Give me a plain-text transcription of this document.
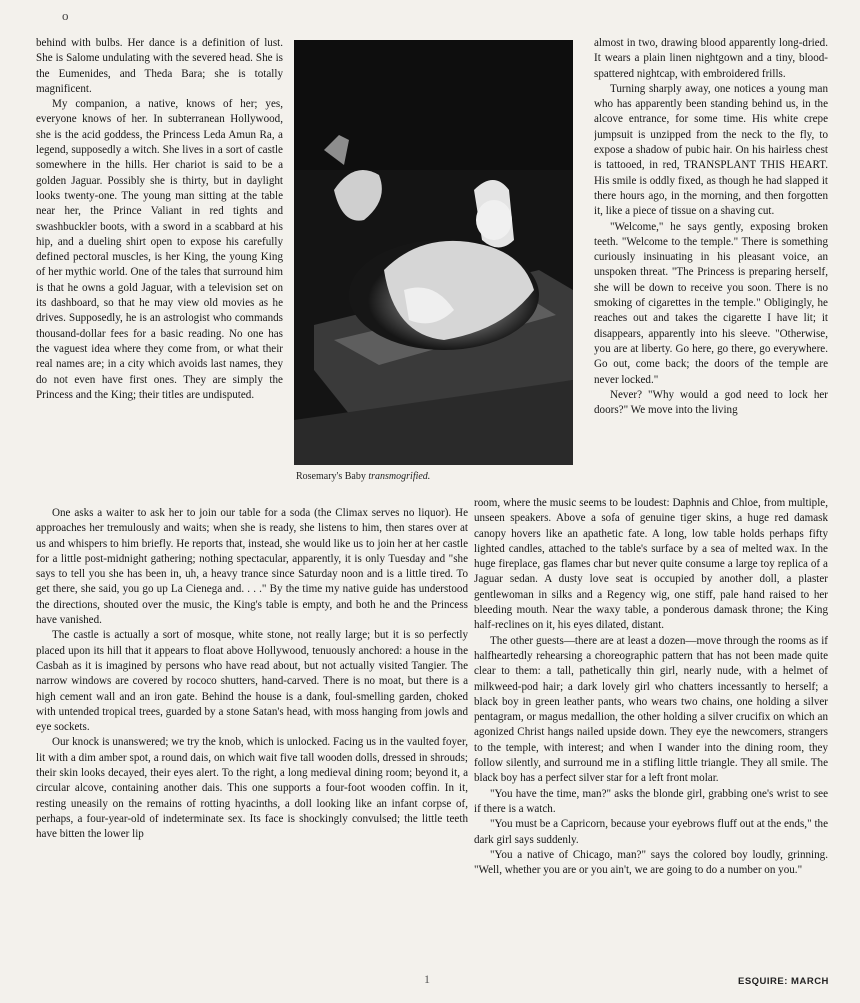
o

behind with bulbs. Her dance is a definition of lust. She is Salome undulating with the severed head. She is the Eumenides, and Theda Bara; she is totally magnificent.

My companion, a native, knows of her; yes, everyone knows of her. In subterranean Hollywood, she is the acid goddess, the Princess Leda Amun Ra, a legend, supposedly a witch. She lives in a sort of castle somewhere in the hills. Her chariot is said to be a golden Jaguar. Possibly she is thirty, but in daylight looks twenty-one. The young man sitting at the table near her, the Prince Valiant in red tights and swashbuckler boots, with a sword in a scabbard at his hip, and a dueling shirt open to expose his carefully defined pectoral muscles, is her King, the young King of her mythic world. One of the tales that surround him is that he owns a gold Jaguar, with a television set on its dashboard, so that he may view old movies as he drives. Supposedly, he is an astrologist who commands thousand-dollar fees for a basic reading. No one has the vaguest idea where they come from, or what their real names are; in a city which avoids last names, they do not even have first ones. They are simply the Princess and the King; their titles are undisputed.

Rosemary's Baby transmogrified.

almost in two, drawing blood apparently long-dried. It wears a plain linen nightgown and a tiny, blood-spattered nightcap, with embroidered frills.

Turning sharply away, one notices a young man who has apparently been standing behind us, in the alcove entrance, for some time. His white crepe jumpsuit is unzipped from the neck to the fly, to expose a shadow of pubic hair. On his hairless chest is tattooed, in red, TRANSPLANT THIS HEART. His smile is oddly fixed, as though he had slapped it there hours ago, in the morning, and then forgotten it, like a piece of tissue on a shaving cut.

"Welcome," he says gently, exposing broken teeth. "Welcome to the temple." There is something curiously insinuating in his pleasant voice, an unspoken threat. "The Princess is preparing herself, she will be down to receive you soon. There is no smoking of cigarettes in the temple." Obligingly, he reaches out and takes the cigarette I have lit; it disappears, apparently into his sleeve. "Otherwise, you are at liberty. Go here, go there, go everywhere. Go out, come back; the doors of the temple are never locked."

Never? "Why would a god need to lock her doors?" We move into the living

One asks a waiter to ask her to join our table for a soda (the Climax serves no liquor). He approaches her tremulously and waits; when she is ready, she listens to him, then stares over at us and whispers to him briefly. He reports that, instead, she would like us to join her at her castle for a little post-midnight gathering; nothing spectacular, apparently, it is only Tuesday and "she says to tell you she has been in, uh, a heavy trance since Saturday noon and is a little tired. To get there, she said, you go up La Cienega and. . . ." By the time my native guide has understood the directions, shouted over the music, the King's table is empty, and both he and the Princess have vanished.

The castle is actually a sort of mosque, white stone, not really large; but it is so perfectly placed upon its hill that it appears to float above Hollywood, tenuously anchored: a house in the Casbah as it is imagined by persons who have read about, but not actually visited Tangier. The narrow windows are covered by rococo shutters, hand-carved. There is no moat, but there is a high cement wall and an iron gate. Behind the house is a dank, foul-smelling garden, choked with untended tropical trees, guarded by a stone Satan's head, with moss hanging from jowls and eye sockets.

Our knock is unanswered; we try the knob, which is unlocked. Facing us in the vaulted foyer, lit with a dim amber spot, a round dais, on which wait five tall wooden dolls, dressed in shrouds; their skin looks decayed, their eyes alert. To the right, a long medieval dining room; beyond it, a circular alcove, containing another dais. This one supports a four-foot wooden coffin. In it, resting uneasily on the remains of rotting hyacinths, a doll looking like an infant corpse of, perhaps, a four-year-old of indeterminate sex. Its face is shockingly convulsed; the little teeth have bitten the lower lip

room, where the music seems to be loudest: Daphnis and Chloe, from multiple, unseen speakers. Above a sofa of genuine tiger skins, a huge red damask canopy hovers like an apathetic fate. A long, low table holds perhaps fifty lighted candles, attached to the table's surface by a sea of melted wax. In the huge fireplace, gas flames char but never quite consume a large toy replica of a Jaguar sedan. A dusty love seat is occupied by another doll, a plaster gentlewoman in silks and a Regency wig, one stiff, pale hand raised to her bleeding mouth. Near the waxy table, a ponderous damask throne; the King half-reclines on it, his eyes dilated, distant.

The other guests—there are at least a dozen—move through the rooms as if halfheartedly rehearsing a choreographic pattern that has not been made quite clear to them: a tall, pathetically thin girl, nearly nude, with a helmet of milkweed-pod hair; a dark lovely girl who chatters incessantly to herself; a black boy in green leather pants, who wears two chains, one holding a silver pentagram, or magus medallion, the other holding a silver crucifix on which an agonized Christ hangs nailed upside down. They eye the newcomers, strangers to the temple, with interest; and when I wander into the dining room, they follow silently, and surround me in a stifling little triangle. They all smile. The black boy has a perfect silver star for a left front molar.

"You have the time, man?" asks the blonde girl, grabbing one's wrist to see if there is a watch.

"You must be a Capricorn, because your eyebrows fluff out at the ends," the dark girl says suddenly.

"You a native of Chicago, man?" says the colored boy loudly, grinning. "Well, whether you are or you ain't, we are going to do a number on you."

1	ESQUIRE: MARCH
